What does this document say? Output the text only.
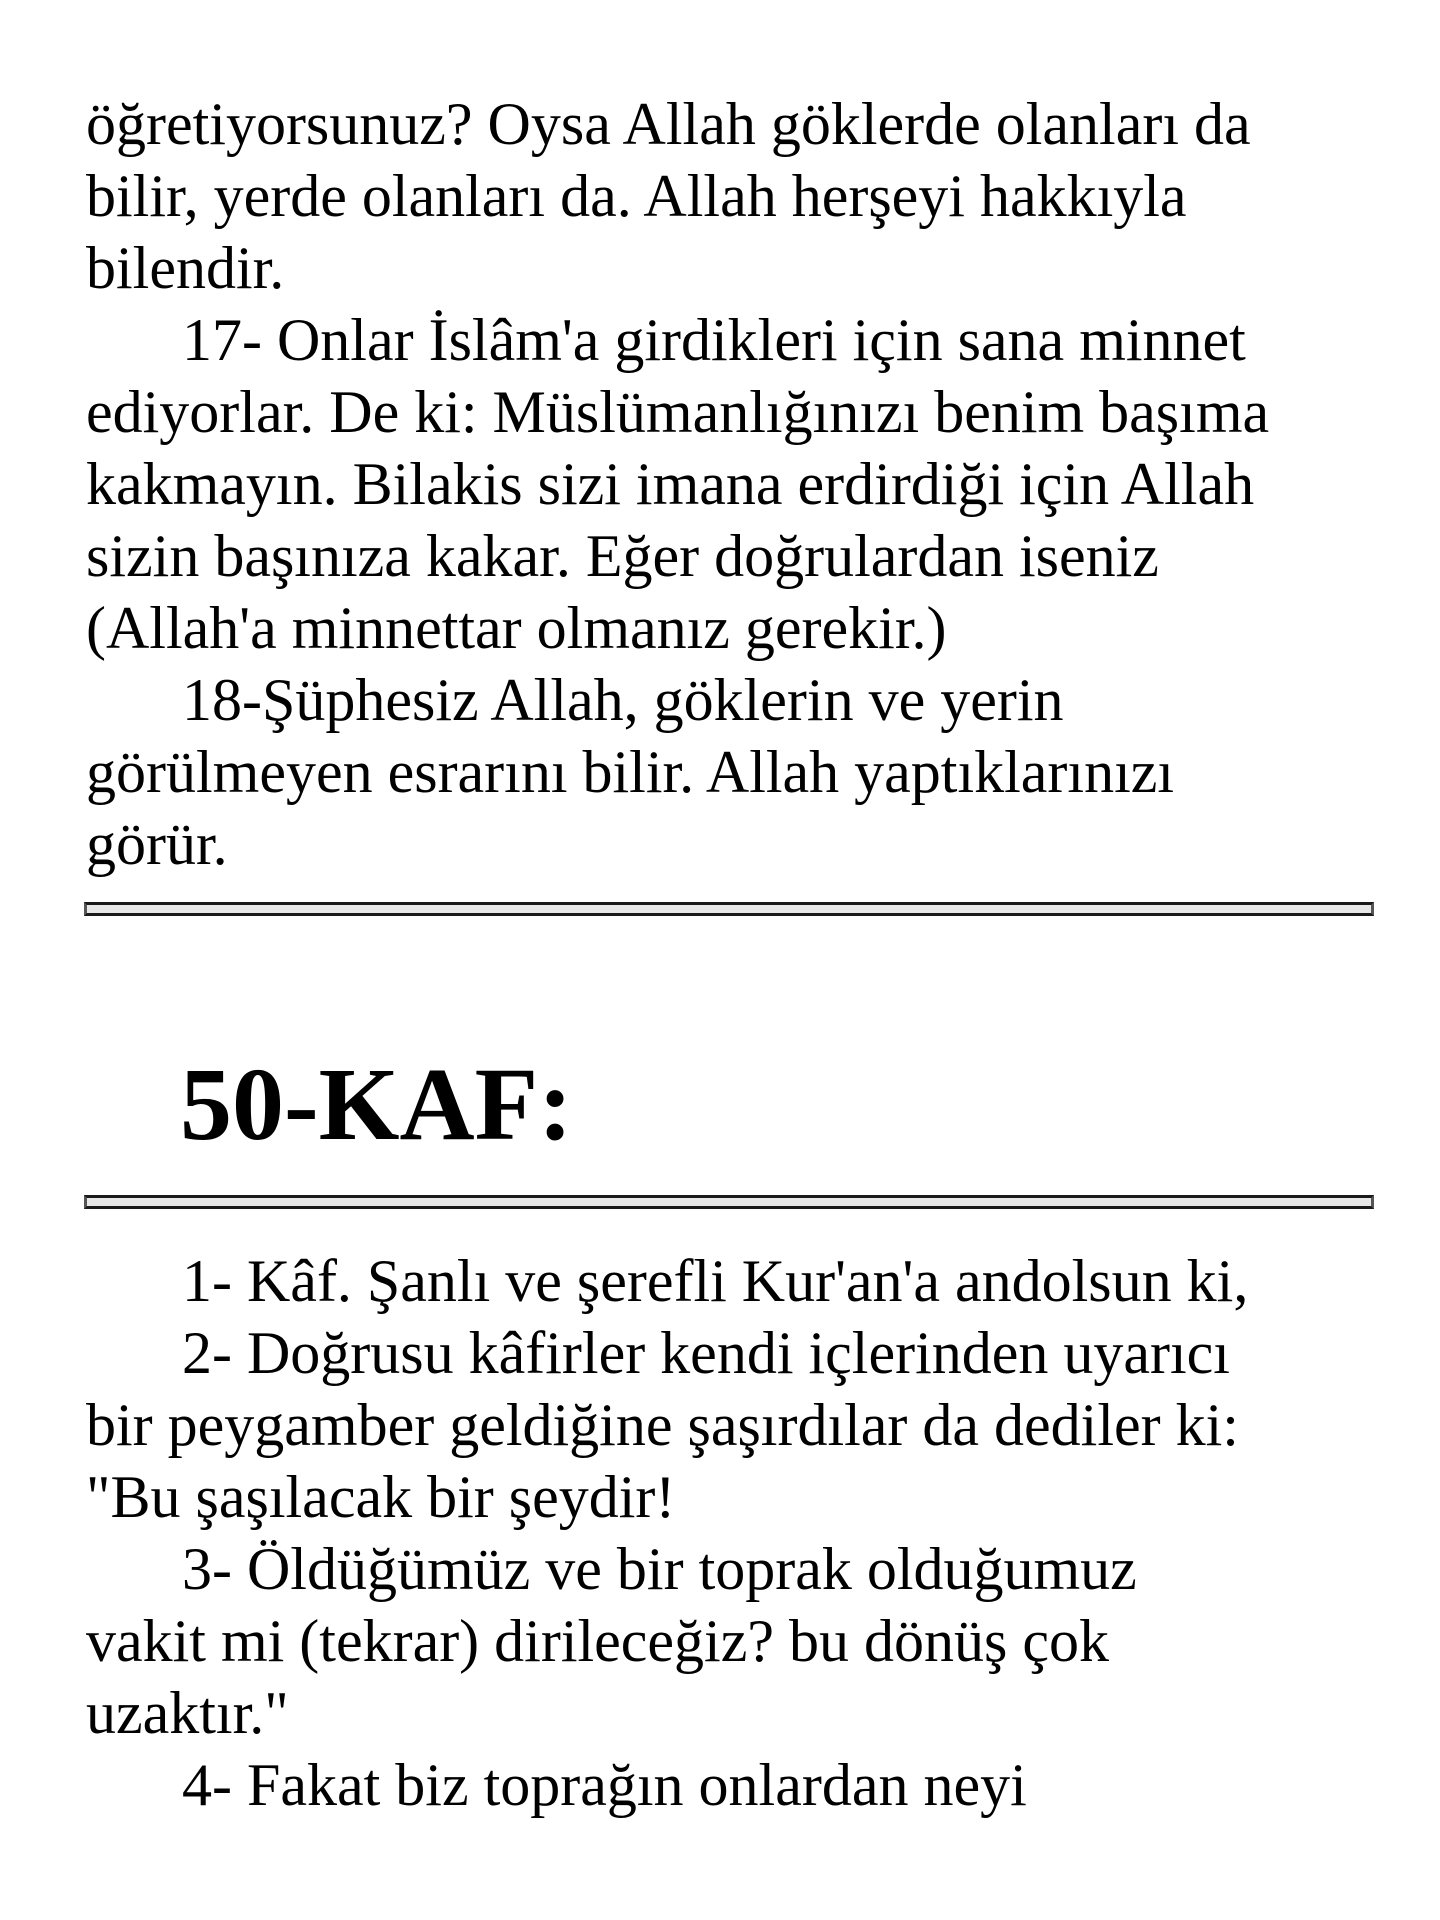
öğretiyorsunuz? Oysa Allah göklerde olanları da
bilir, yerde olanları da. Allah herşeyi hakkıyla
bilendir.
17- Onlar İslâm'a girdikleri için sana minnet
ediyorlar. De ki: Müslümanlığınızı benim başıma
kakmayın. Bilakis sizi imana erdirdiği için Allah
sizin başınıza kakar. Eğer doğrulardan iseniz
(Allah'a minnettar olmanız gerekir.)
18-Şüphesiz Allah, göklerin ve yerin
görülmeyen esrarını bilir. Allah yaptıklarınızı
görür.
50-KAF:
1- Kâf. Şanlı ve şerefli Kur'an'a andolsun ki,
2- Doğrusu kâfirler kendi içlerinden uyarıcı
bir peygamber geldiğine şaşırdılar da dediler ki:
"Bu şaşılacak bir şeydir!
3- Öldüğümüz ve bir toprak olduğumuz
vakit mi (tekrar) dirileceğiz? bu dönüş çok
uzaktır."
4- Fakat biz toprağın onlardan neyi
